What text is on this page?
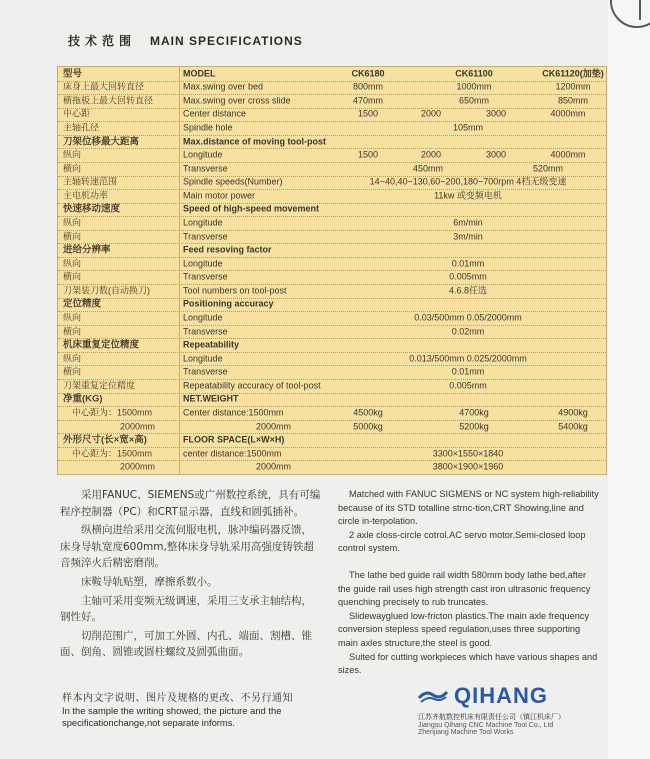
技术范围 MAIN SPECIFICATIONS
型号	MODEL	CK6180	CK61100	CK61120(加垫)
床身上最大回转直径	Max.swing over bed	800mm	1000mm	1200mm
横拖板上最大回转直径	Max.swing over cross slide	470mm	650mm	850mm
中心距	Center distance	1500	2000	3000	4000mm
主轴孔径	Spindle hole	105mm
刀架位移最大距离	Max.distance of moving tool-post
纵向	Longitude	1500	2000	3000	4000mm
横向	Transverse	450mm	520mm
主轴转速范围	Spindle speeds(Number)	14~40,40~130,60~200,180~700rpm 4档无级变速
主电机功率	Main motor power	11kw 或变频电机
快速移动速度	Speed of high-speed movement
纵向	Longitude	6m/min
横向	Transverse	3m/min
进给分辨率	Feed resoving factor
纵向	Longitude	0.01mm
横向	Transverse	0.005mm
刀架装刀数(自动换刀)	Tool numbers on tool-post	4.6.8任选
定位精度	Positioning accuracy
纵向	Longitude	0.03/500mm 0.05/2000mm
横向	Transverse	0.02mm
机床重复定位精度	Repeatability
纵向	Longitude	0.013/500mm 0.025/2000mm
横向	Transverse	0.01mm
刀架重复定位精度	Repeatability accuracy of tool-post	0.005mm
净重(KG)	NET.WEIGHT
中心距为：1500mm	Center distance:1500mm	4500kg	4700kg	4900kg
2000mm	2000mm	5000kg	5200kg	5400kg
外形尺寸(长×宽×高)	FLOOR SPACE(L×W×H)
中心距为：1500mm	center distance:1500mm	3300×1550×1840
2000mm	2000mm	3800×1900×1960

采用FANUC、SIEMENS或广州数控系统，具有可编程序控制器（PC）和CRT显示器，直线和圆弧插补。

纵横向进给采用交流伺服电机，脉冲编码器反馈，床身导轨宽度600mm,整体床身导轨采用高强度铸铁超音频淬火后精密磨削。

床鞍导轨贴塑，摩擦系数小。

主轴可采用变频无级调速，采用三支承主轴结构，钢性好。

切削范围广，可加工外圆、内孔、端面、割槽、锥面、倒角、圆锥或圆柱螺纹及圆弧曲面。

Matched with FANUC SIGMENS or NC system high-reliability because of its STD totalline strnc-tion,CRT Showing,line and circle in-terpolation.

2 axle closs-circle cotrol.AC servo motor.Semi-closed loop control system.

The lathe bed guide rail width 580mm body lathe bed,after the guide rail uses high strength cast iron ultrasonic frequency quenching precisely to rub truncates.

Slidewayglued low-fricton plastics.The main axle frequency conversion stepless speed regulation,uses three supporting main axles structure,the steel is good.

Suited for cutting workpieces which have various shapes and sizes.

样本内文字说明、图片及规格的更改、不另行通知
In the sample the writing showed, the picture and the
specificationchange,not separate informs.
QIHANG
江苏齐航数控机床有限责任公司（镇江机床厂）
Jiangsu Qihang CNC Machine Tool Co., Ltd
Zhenjiang Machine Tool Works
